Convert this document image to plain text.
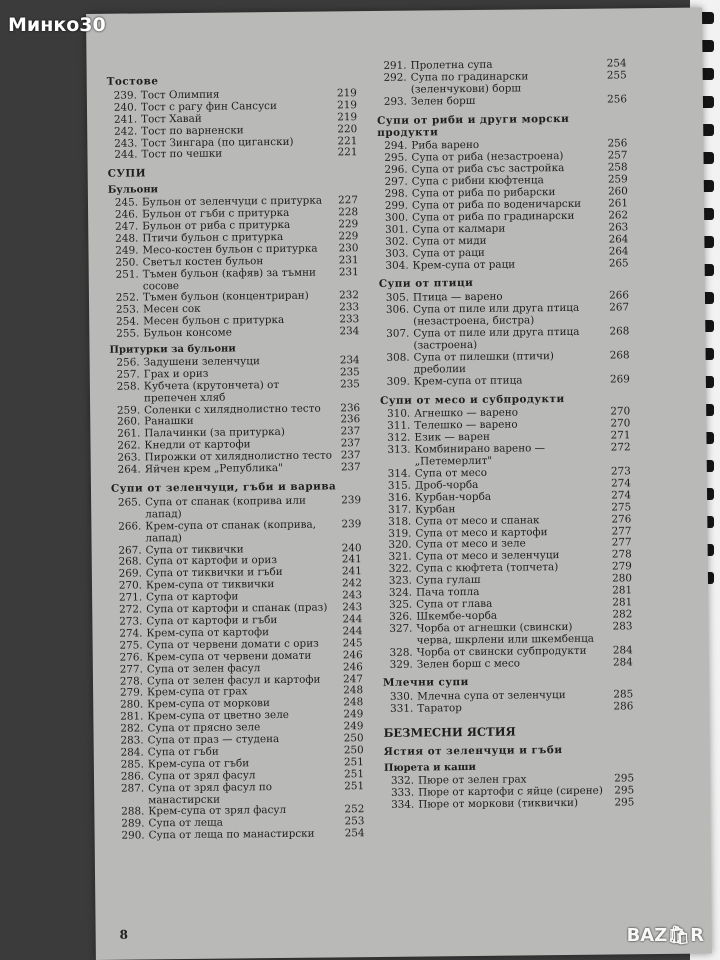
Тостове
239. Тост Олимпия	219
240. Тост с рагу фин Сансуси	219
241. Тост Хавай	219
242. Тост по варненски	220
243. Тост Зингара (по цигански)	221
244. Тост по чешки	221
СУПИ
Бульони
245. Бульон от зеленчуци с притурка	227
246. Бульон от гъби с притурка	228
247. Бульон от риба с притурка	229
248. Птичи бульон с притурка	229
249. Месо-костен бульон с притурка	230
250. Светъл костен бульон	231
251. Тъмен бульон (кафяв) за тъмни сосове
231
252. Тъмен бульон (концентриран)	232
253. Месен сок	233
254. Месен бульон с притурка	233
255. Бульон консоме	234
Притурки за бульони
256. Задушени зеленчуци	234
257. Грах и ориз	235
258. Кубчета (крутончета) от препечен хляб
235
259. Соленки с хиляднолистно тесто	236
260. Ранашки	236
261. Палачинки (за притурка)	237
262. Кнедли от картофи	237
263. Пирожки от хиляднолистно тесто 237
264. Яйчен крем „Република"	237
Супи от зеленчуци, гъби и варива
265. Супа от спанак (коприва или лапад)
239
266. Крем-супа от спанак (коприва, лапад)
239
267. Супа от тиквички	240
268. Супа от картофи и ориз	241
269. Супа от тиквички и гъби	241
270. Крем-супа от тиквички	242
271. Супа от картофи	243
272. Супа от картофи и спанак (праз)	243
273. Супа от картофи и гъби	244
274. Крем-супа от картофи	244
275. Супа от червени домати с ориз	245
276. Крем-супа от червени домати	246
277. Супа от зелен фасул	246
278. Супа от зелен фасул и картофи	247
279. Крем-супа от грах	248
280. Крем-супа от моркови	248
281. Крем-супа от цветно зеле	249
282. Супа от прясно зеле	249
283. Супа от праз — студена	250
284. Супа от гъби	250
285. Крем-супа от гъби	251
286. Супа от зрял фасул	251
287. Супа от зрял фасул по манастирски
251
288. Крем-супа от зрял фасул	252
289. Супа от леща	253
290. Супа от леща по манастирски	254
291. Пролетна супа	254
292. Супа по градинарски (зеленчукови) борш
255
293. Зелен борш	256
Супи от риби и други морски продукти
294. Риба варено	256
295. Супа от риба (незастроена)	257
296. Супа от риба със застройка	258
297. Супа с рибни кюфтенца	259
298. Супа от риба по рибарски	260
299. Супа от риба по воденичарски	261
300. Супа от риба по градинарски	262
301. Супа от калмари	263
302. Супа от миди	264
303. Супа от раци	264
304. Крем-супа от раци	265
Супи от птици
305. Птица — варено	266
306. Супа от пиле или друга птица (незастроена, бистра)
267
307. Супа от пиле или друга птица (застроена)
268
308. Супа от пилешки (птичи) дреболии
268
309. Крем-супа от птица	269
Супи от месо и субпродукти
310. Агнешко — варено	270
311. Телешко — варено	270
312. Език — варен	271
313. Комбинирано варено — „Петемерлит"
272
314. Супа от месо	273
315. Дроб-чорба	274
316. Курбан-чорба	274
317. Курбан	275
318. Супа от месо и спанак	276
319. Супа от месо и картофи	277
320. Супа от месо и зеле	277
321. Супа от месо и зеленчуци	278
322. Супа с кюфтета (топчета)	279
323. Супа гулаш	280
324. Пача топла	281
325. Супа от глава	281
326. Шкембе-чорба	282
327. Чорба от агнешки (свински) черва, шкрлени или шкембенца
283
328. Чорба от свински субпродукти	284
329. Зелен борш с месо	284
Млечни супи
330. Млечна супа от зеленчуци	285
331. Таратор	286
БЕЗМЕСНИ ЯСТИЯ
Ястия от зеленчуци и гъби
Пюрета и каши
332. Пюре от зелен грах	295
333. Пюре от картофи с яйце (сирене)	295
334. Пюре от моркови (тиквички)	295
8
Минко30
BAZ🛍R
